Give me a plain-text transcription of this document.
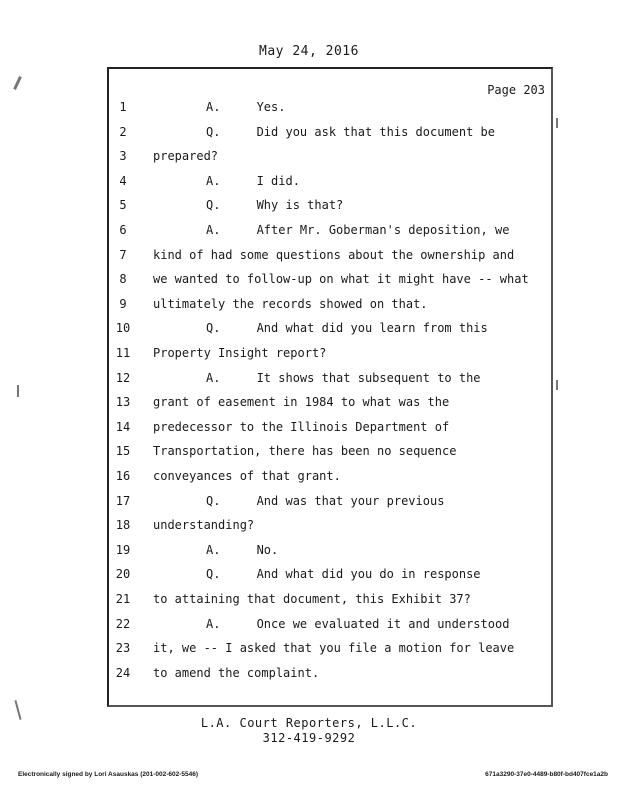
May 24, 2016
Page 203
1	A.     Yes.
2	Q.     Did you ask that this document be
3	prepared?
4	A.     I did.
5	Q.     Why is that?
6	A.     After Mr. Goberman's deposition, we
7	kind of had some questions about the ownership and
8	we wanted to follow-up on what it might have -- what
9	ultimately the records showed on that.
10	Q.     And what did you learn from this
11 Property Insight report?
12	A.     It shows that subsequent to the
13 grant of easement in 1984 to what was the
14 predecessor to the Illinois Department of
15 Transportation, there has been no sequence
16 conveyances of that grant.
17	Q.     And was that your previous
18 understanding?
19	A.     No.
20	Q.     And what did you do in response
21 to attaining that document, this Exhibit 37?
22	A.     Once we evaluated it and understood
23 it, we -- I asked that you file a motion for leave
24 to amend the complaint.
L.A. Court Reporters, L.L.C.
312-419-9292
Electronically signed by Lori Asauskas (201-002-602-5546)	671a3290-37e0-4489-b80f-bd407fce1a2b
